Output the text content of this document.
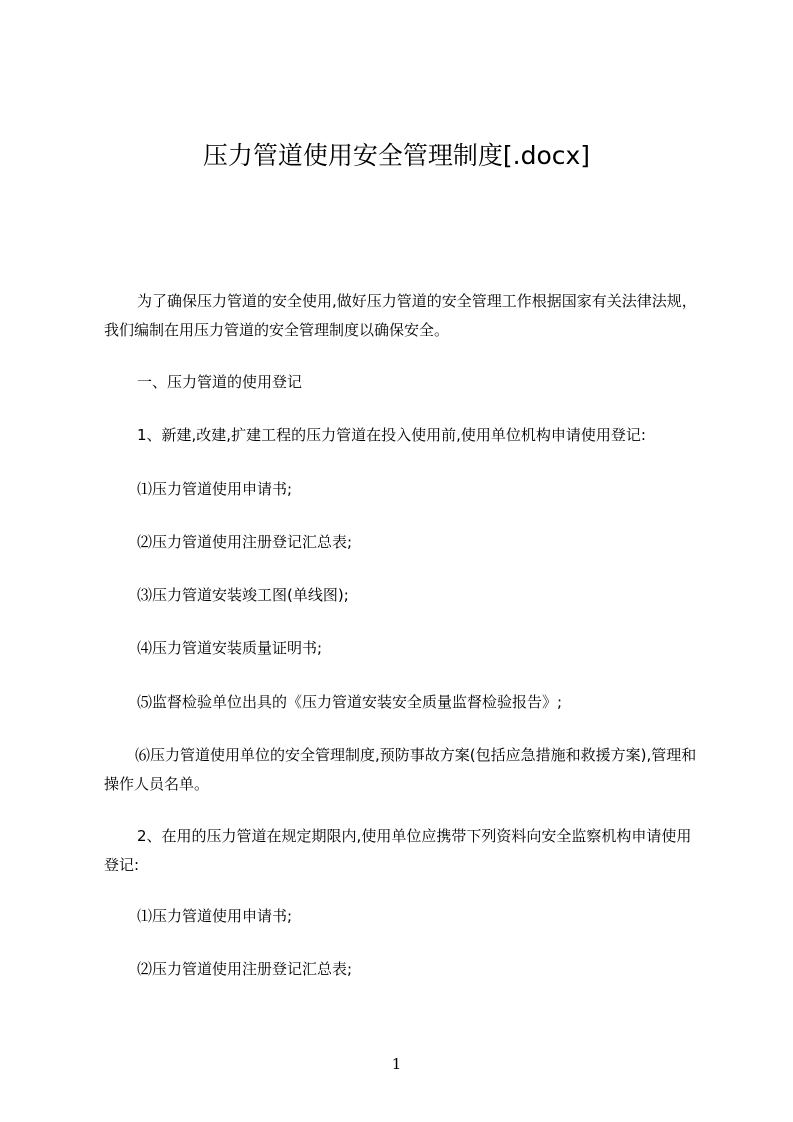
压力管道使用安全管理制度[.docx]

为了确保压力管道的安全使用,做好压力管道的安全管理工作根据国家有关法律法规，我们编制在用压力管道的安全管理制度以确保安全。

一、压力管道的使用登记

1、新建,改建,扩建工程的压力管道在投入使用前,使用单位机构申请使用登记:

⑴压力管道使用申请书;

⑵压力管道使用注册登记汇总表;

⑶压力管道安装竣工图(单线图);

⑷压力管道安装质量证明书;

⑸监督检验单位出具的《压力管道安装安全质量监督检验报告》;

⑹压力管道使用单位的安全管理制度,预防事故方案(包括应急措施和救援方案),管理和操作人员名单。

2、在用的压力管道在规定期限内,使用单位应携带下列资料向安全监察机构申请使用登记:

⑴压力管道使用申请书;

⑵压力管道使用注册登记汇总表;

1
